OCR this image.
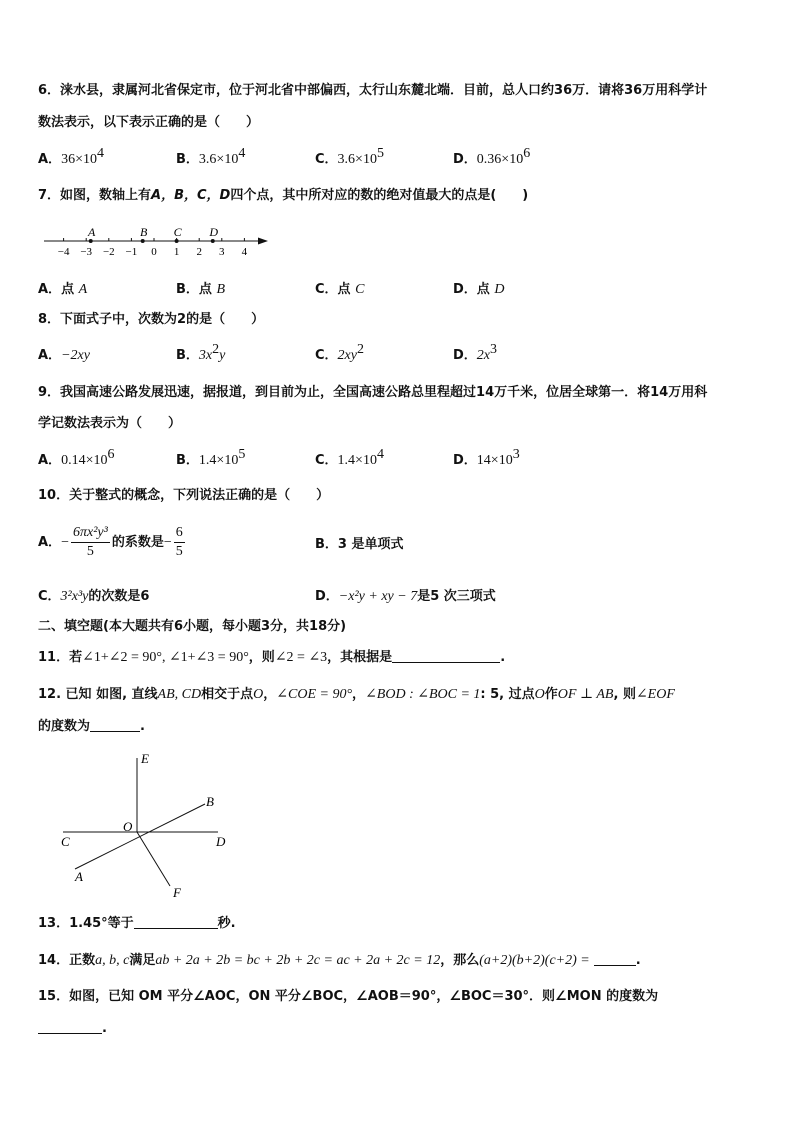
6．涞水县，隶属河北省保定市，位于河北省中部偏西，太行山东麓北端．目前，总人口约36万．请将36万用科学计
数法表示，以下表示正确的是（　　）
A．$36\times 10^4$	B．$3.6\times 10^4$	C．$3.6\times 10^5$	D．$0.36\times 10^6$
7．如图，数轴上有A，B，C，D四个点，其中所对应的数的绝对值最大的点是(　　)
−4 −3 −2 −1 0 1 2 3 4
A	B C D
A．点 A	B．点 B	C．点 C	D．点 D
8．下面式子中，次数为2的是（　　）
A．−2xy	B．$3x^2y$	C．$2xy^2$	D．$2x^3$
9．我国高速公路发展迅速，据报道，到目前为止，全国高速公路总里程超过14万千米，位居全球第一．将14万用科
学记数法表示为（　　）
A．$0.14\times 10^6$	B．$1.4\times 10^5$	C．$1.4\times 10^4$	D．$14\times 10^3$
10．关于整式的概念，下列说法正确的是（　　）
A． − $\frac{\text{6πx²y³}}{5}$ 的系数是 − $\frac{6}{5}$	B．3 是单项式
C．3²x³y的次数是6	D．−x²y + xy − 7是5 次三项式
二、填空题(本大题共有6小题，每小题3分，共18分)
11．若∠1+∠2 = 90°, ∠1+∠3 = 90°，则∠2 = ∠3，其根据是	.
12. 已知 如图, 直线AB, CD相交于点O，∠COE = 90°，∠BOD : ∠BOC = 1: 5, 过点O作OF ⊥ AB, 则∠EOF
的度数为	.
E
B
O
C	D
A
F
13．1.45°等于	秒.
14．正数a, b, c满足ab + 2a + 2b = bc + 2b + 2c = ac + 2a + 2c = 12，那么(a+2)(b+2)(c+2) =	.
15．如图，已知 OM 平分∠AOC，ON 平分∠BOC，∠AOB＝90°，∠BOC＝30°．则∠MON 的度数为
.
